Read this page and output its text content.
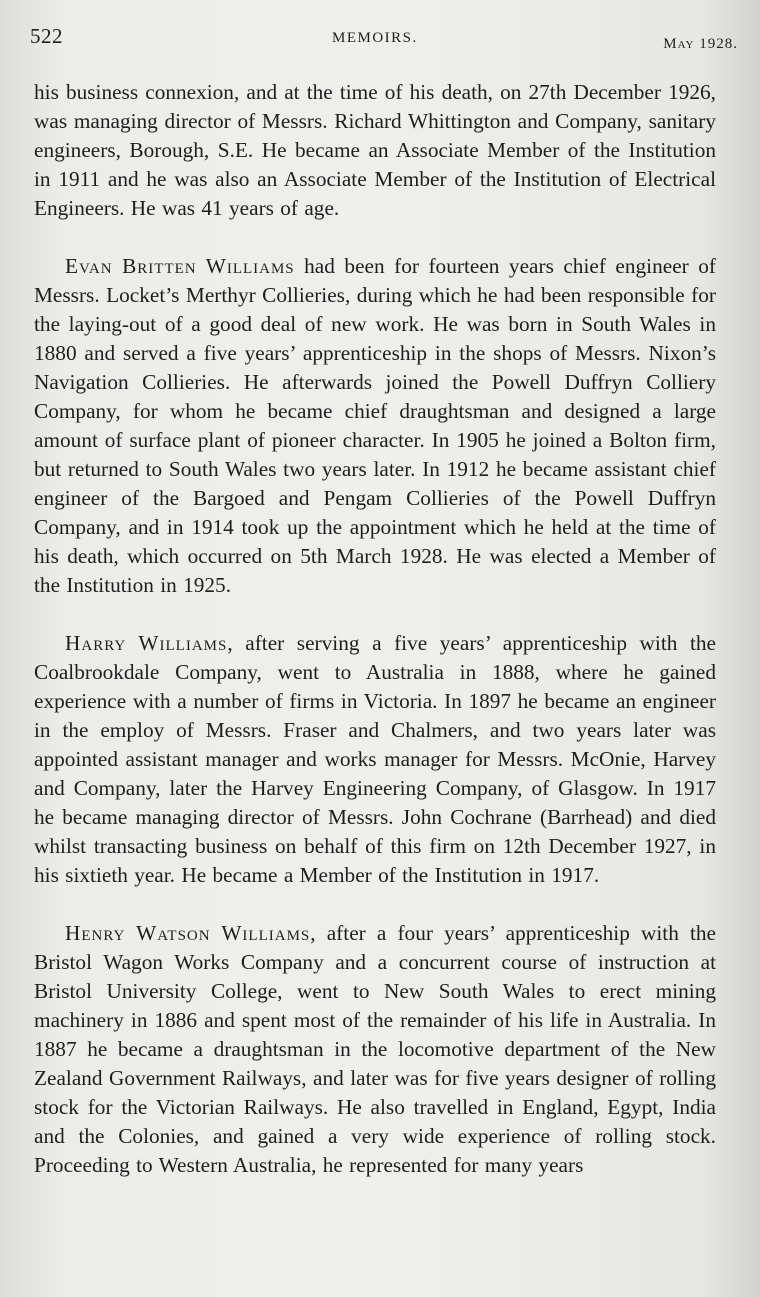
522	MEMOIRS.	May 1928.

his business connexion, and at the time of his death, on 27th December 1926, was managing director of Messrs. Richard Whittington and Company, sanitary engineers, Borough, S.E. He became an Associate Member of the Institution in 1911 and he was also an Associate Member of the Institution of Electrical Engineers. He was 41 years of age.

Evan Britten Williams had been for fourteen years chief engineer of Messrs. Locket’s Merthyr Collieries, during which he had been responsible for the laying-out of a good deal of new work. He was born in South Wales in 1880 and served a five years’ apprenticeship in the shops of Messrs. Nixon’s Navigation Collieries. He afterwards joined the Powell Duffryn Colliery Company, for whom he became chief draughtsman and designed a large amount of surface plant of pioneer character. In 1905 he joined a Bolton firm, but returned to South Wales two years later. In 1912 he became assistant chief engineer of the Bargoed and Pengam Collieries of the Powell Duffryn Company, and in 1914 took up the appointment which he held at the time of his death, which occurred on 5th March 1928. He was elected a Member of the Institution in 1925.

Harry Williams, after serving a five years’ apprenticeship with the Coalbrookdale Company, went to Australia in 1888, where he gained experience with a number of firms in Victoria. In 1897 he became an engineer in the employ of Messrs. Fraser and Chalmers, and two years later was appointed assistant manager and works manager for Messrs. McOnie, Harvey and Company, later the Harvey Engineering Company, of Glasgow. In 1917 he became managing director of Messrs. John Cochrane (Barrhead) and died whilst transacting business on behalf of this firm on 12th December 1927, in his sixtieth year. He became a Member of the Institution in 1917.

Henry Watson Williams, after a four years’ apprenticeship with the Bristol Wagon Works Company and a concurrent course of instruction at Bristol University College, went to New South Wales to erect mining machinery in 1886 and spent most of the remainder of his life in Australia. In 1887 he became a draughtsman in the locomotive department of the New Zealand Government Railways, and later was for five years designer of rolling stock for the Victorian Railways. He also travelled in England, Egypt, India and the Colonies, and gained a very wide experience of rolling stock. Proceeding to Western Australia, he represented for many years
